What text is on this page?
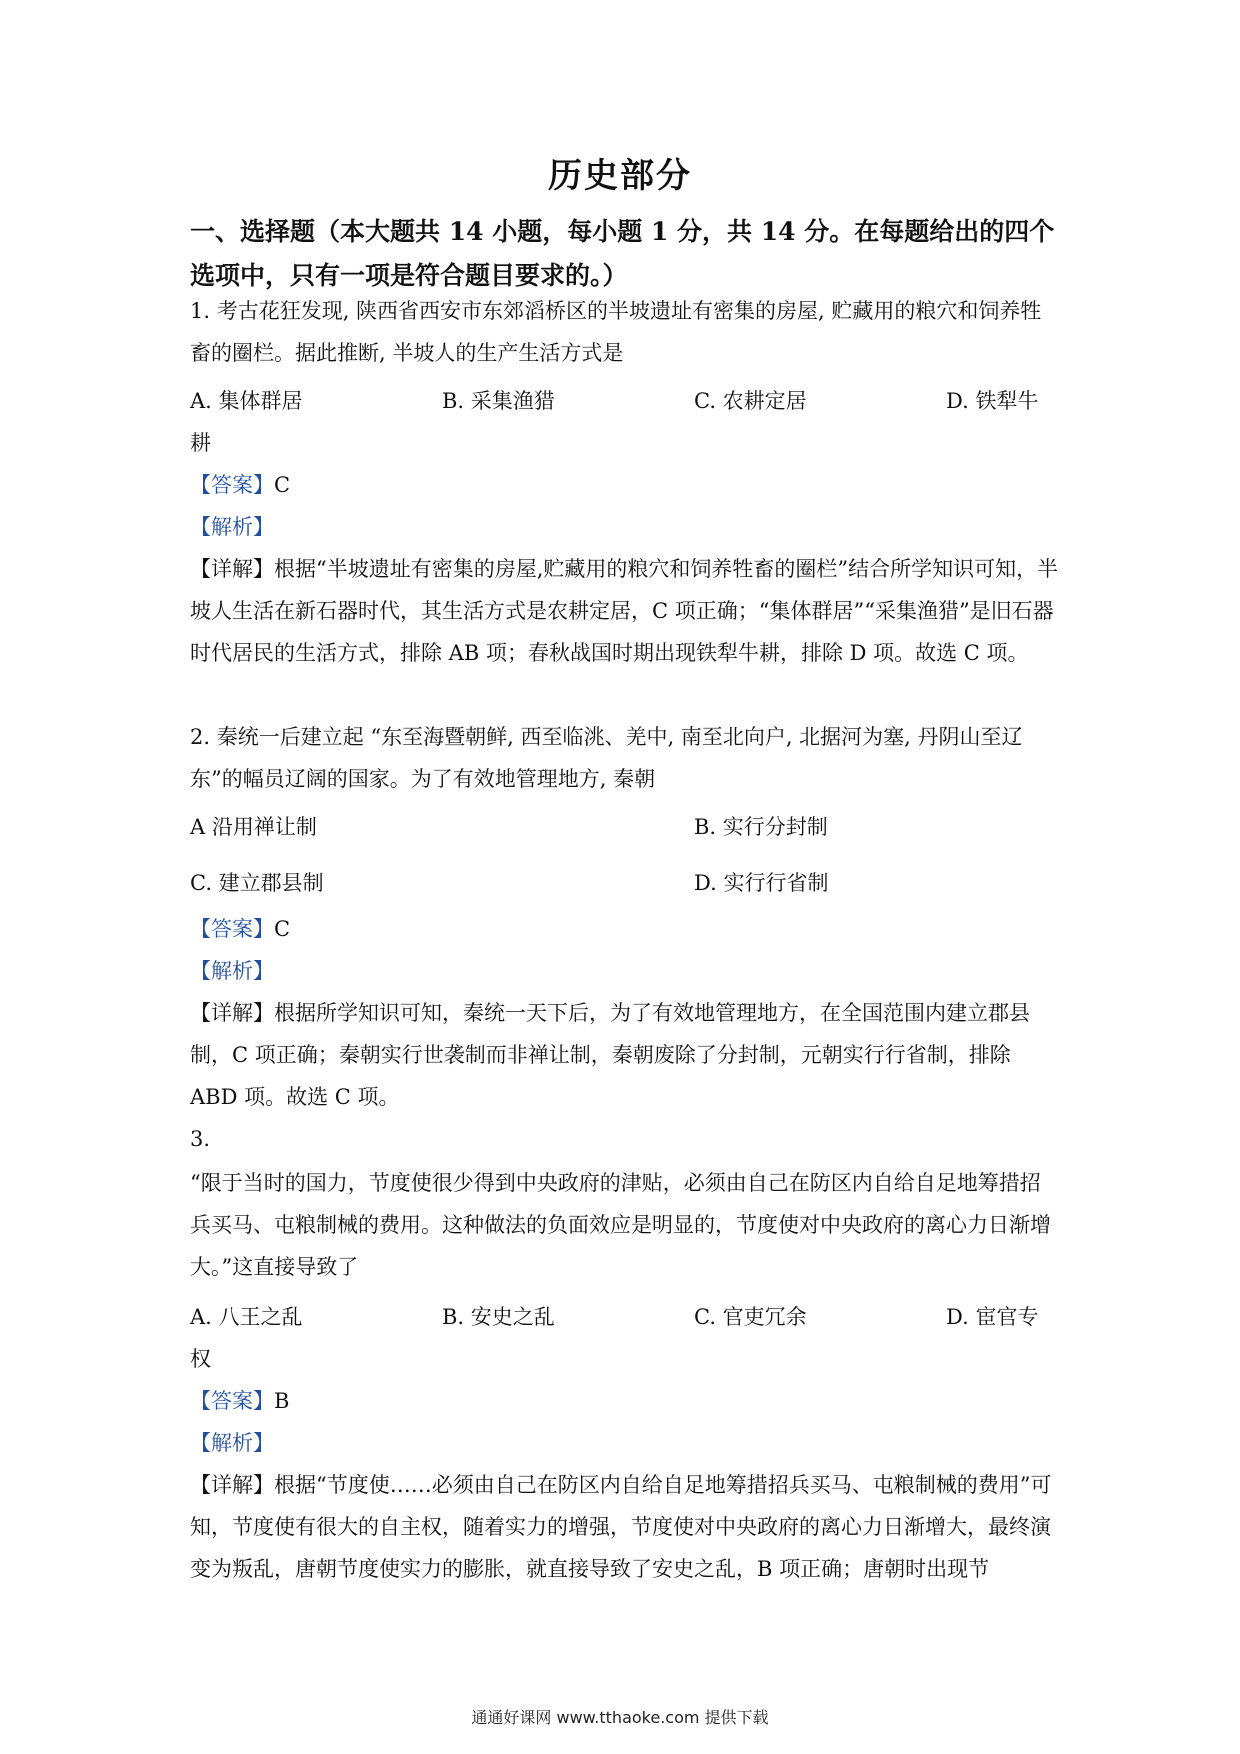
历史部分
一、选择题（本大题共 14 小题，每小题 1 分，共 14 分。在每题给出的四个选项中，只有一项是符合题目要求的。）
1. 考古花狂发现, 陕西省西安市东郊滔桥区的半坡遗址有密集的房屋, 贮藏用的粮穴和饲养牲畜的圈栏。据此推断, 半坡人的生产生活方式是
A. 集体群居	B. 采集渔猎	C. 农耕定居	D. 铁犁牛
耕
【答案】C
【解析】
【详解】根据“半坡遗址有密集的房屋,贮藏用的粮穴和饲养牲畜的圈栏”结合所学知识可知，半坡人生活在新石器时代，其生活方式是农耕定居，C 项正确；“集体群居”“采集渔猎”是旧石器时代居民的生活方式，排除 AB 项；春秋战国时期出现铁犁牛耕，排除 D 项。故选 C 项。
2. 秦统一后建立起 “东至海暨朝鲜, 西至临洮、羌中, 南至北向户, 北据河为塞, 丹阴山至辽东”的幅员辽阔的国家。为了有效地管理地方, 秦朝
A 沿用禅让制	B. 实行分封制
C. 建立郡县制	D. 实行行省制
【答案】C
【解析】
【详解】根据所学知识可知，秦统一天下后，为了有效地管理地方，在全国范围内建立郡县制，C 项正确；秦朝实行世袭制而非禅让制，秦朝废除了分封制，元朝实行行省制，排除 ABD 项。故选 C 项。
3.
“限于当时的国力，节度使很少得到中央政府的津贴，必须由自己在防区内自给自足地筹措招兵买马、屯粮制械的费用。这种做法的负面效应是明显的，节度使对中央政府的离心力日渐增大。”这直接导致了
A. 八王之乱	B. 安史之乱	C. 官吏冗余	D. 宦官专
权
【答案】B
【解析】
【详解】根据“节度使……必须由自己在防区内自给自足地筹措招兵买马、屯粮制械的费用”可知，节度使有很大的自主权，随着实力的增强，节度使对中央政府的离心力日渐增大，最终演变为叛乱，唐朝节度使实力的膨胀，就直接导致了安史之乱，B 项正确；唐朝时出现节
通通好课网 www.tthaoke.com 提供下载
